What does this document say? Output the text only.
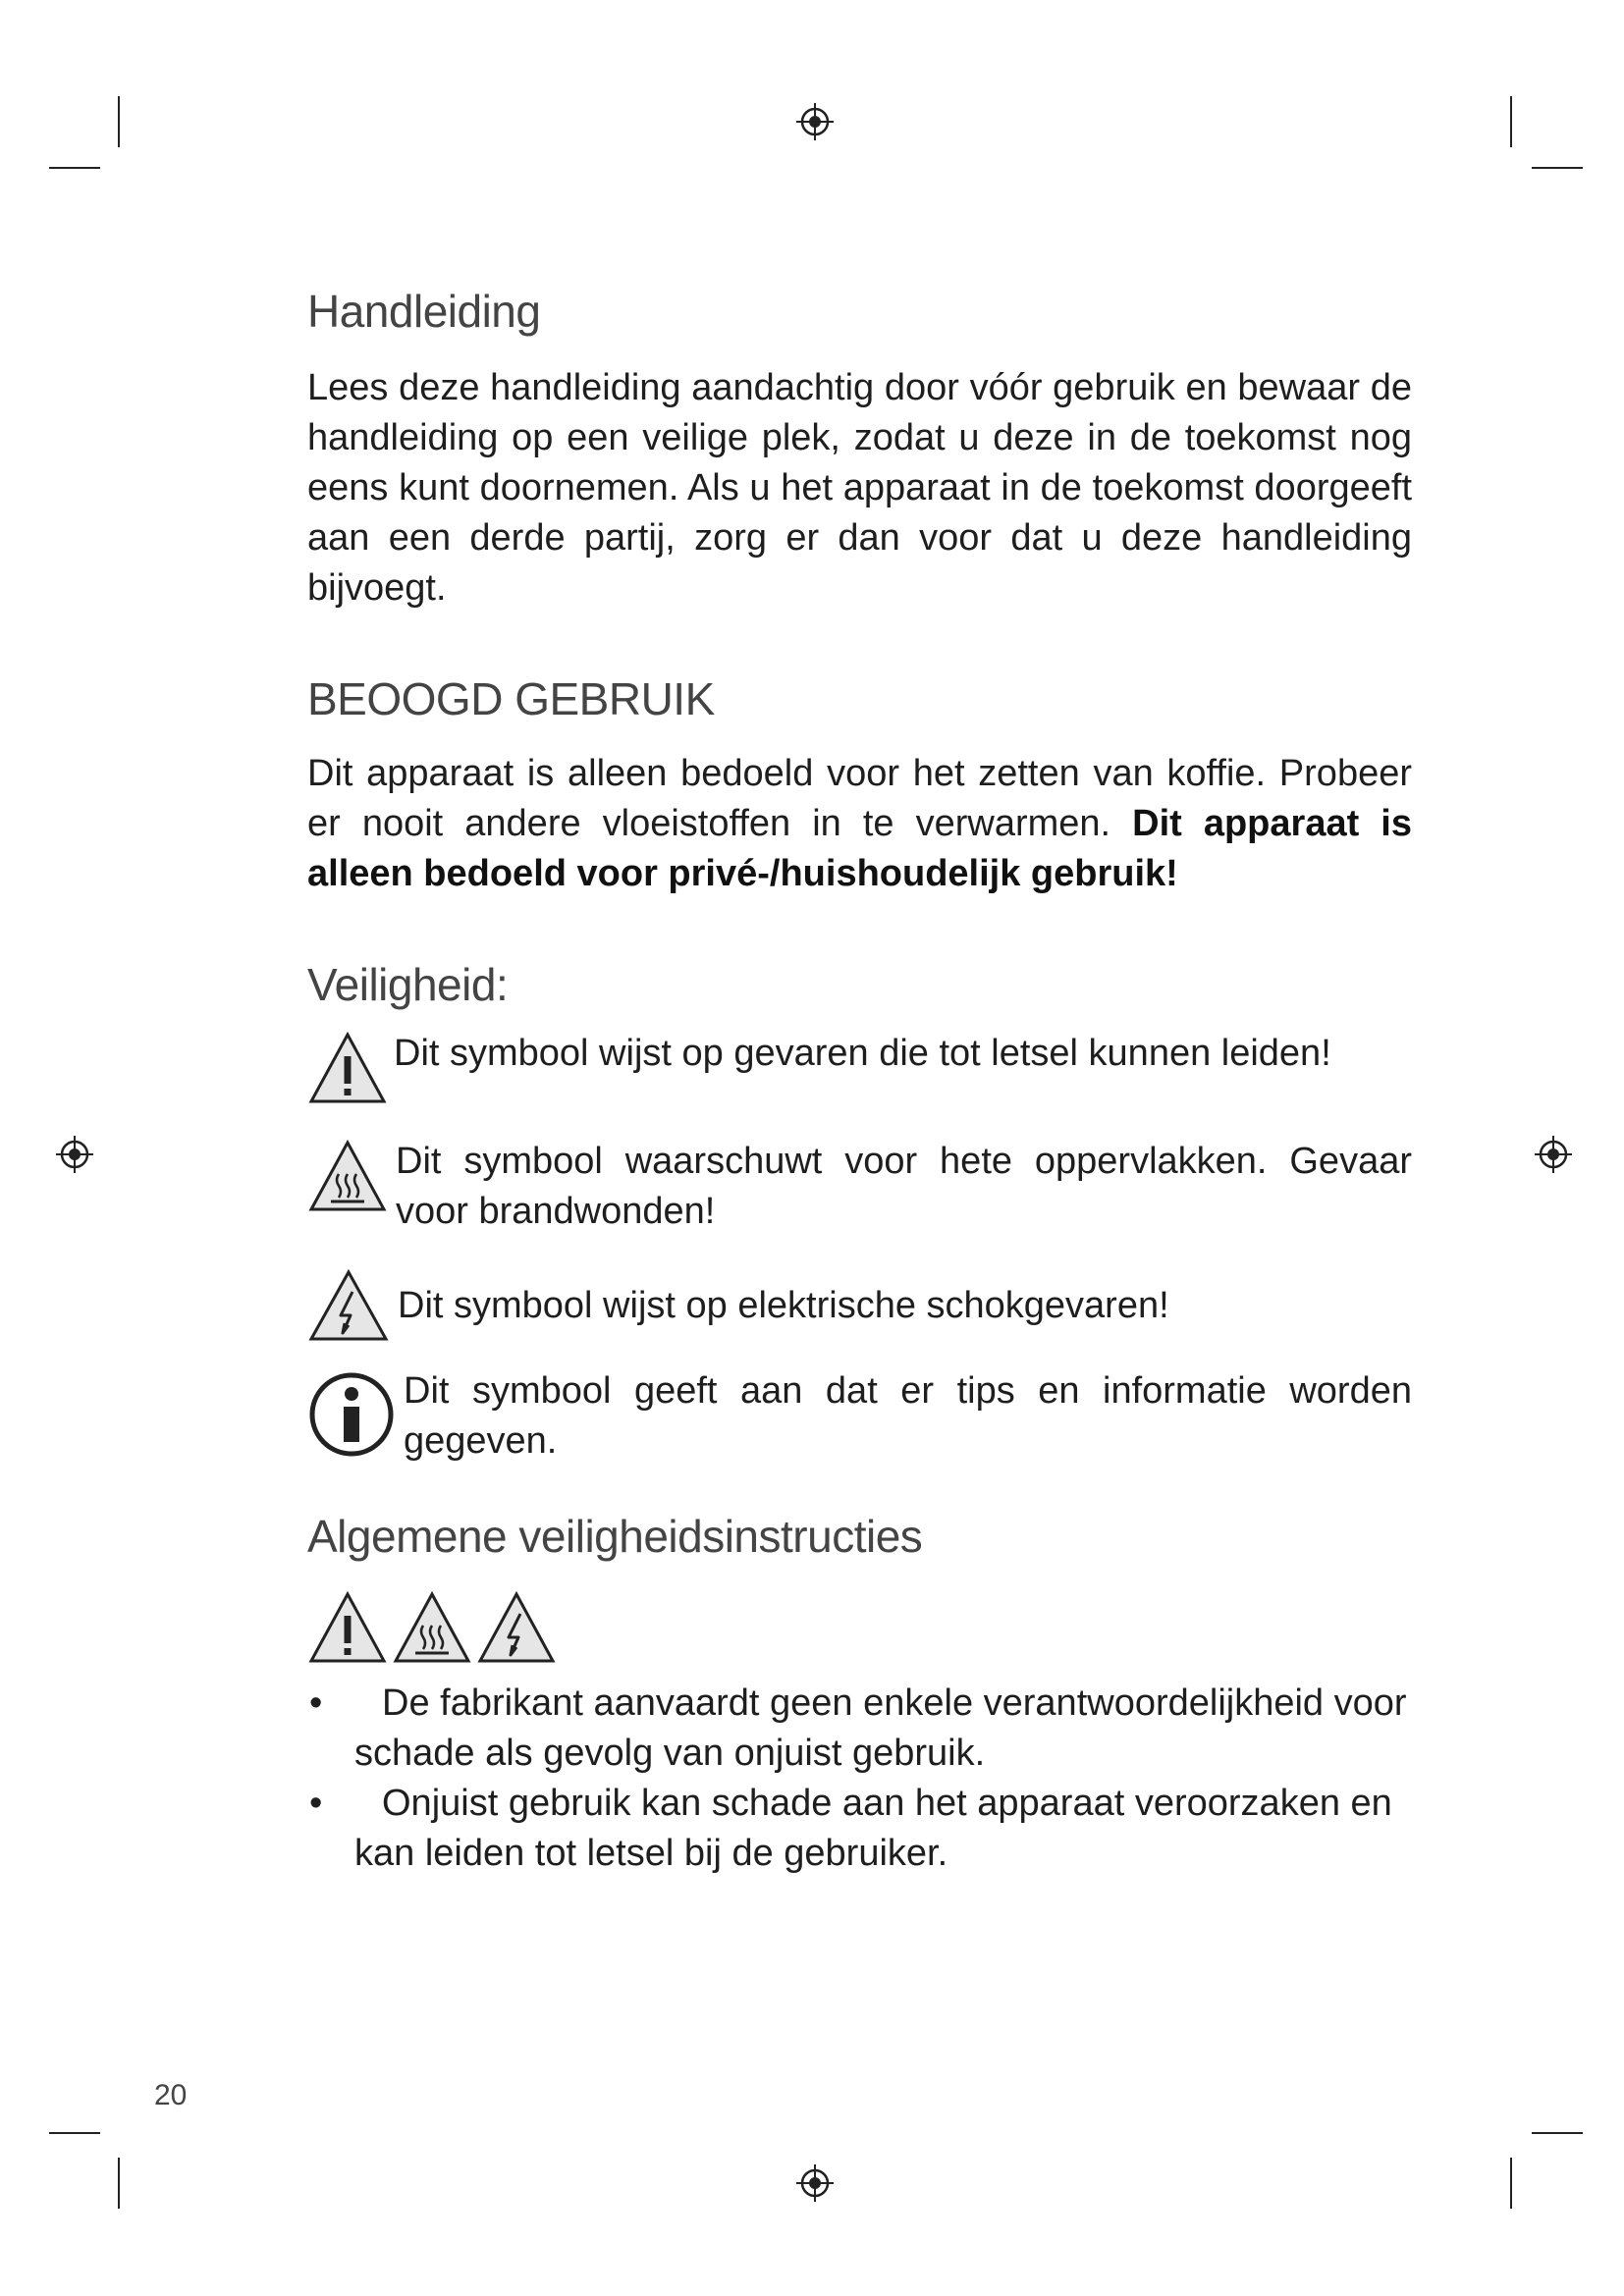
Handleiding

Lees deze handleiding aandachtig door vóór gebruik en bewaar de handleiding op een veilige plek, zodat u deze in de toekomst nog eens kunt doornemen. Als u het apparaat in de toekomst doorgeeft aan een derde partij, zorg er dan voor dat u deze handleiding bijvoegt.

BEOOGD GEBRUIK

Dit apparaat is alleen bedoeld voor het zetten van koffie. Probeer er nooit andere vloeistoffen in te verwarmen. Dit apparaat is alleen bedoeld voor privé-/huishoudelijk gebruik!

Veiligheid:
Dit symbool wijst op gevaren die tot letsel kunnen leiden!
Dit symbool waarschuwt voor hete oppervlakken. Gevaar voor brandwonden!
Dit symbool wijst op elektrische schokgevaren!
Dit symbool geeft aan dat er tips en informatie worden gegeven.
Algemene veiligheidsinstructies
• De fabrikant aanvaardt geen enkele verantwoordelijkheid voor schade als gevolg van onjuist gebruik.
• Onjuist gebruik kan schade aan het apparaat veroorzaken en kan leiden tot letsel bij de gebruiker.
20
